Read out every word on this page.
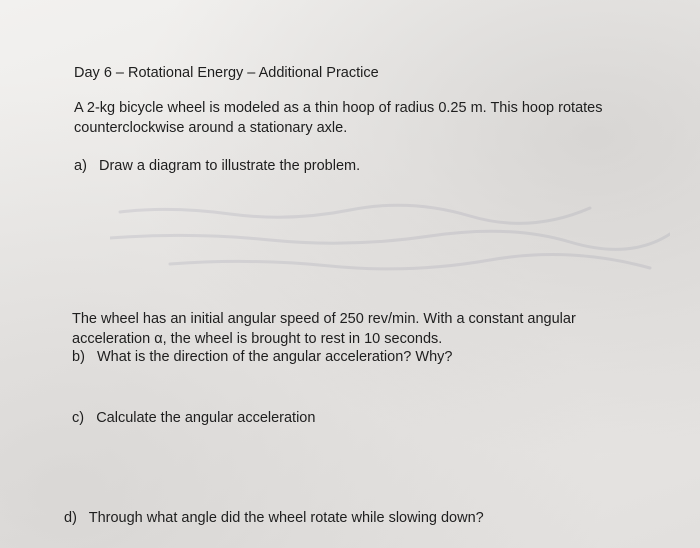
Day 6 – Rotational Energy – Additional Practice
A 2-kg bicycle wheel is modeled as a thin hoop of radius 0.25 m. This hoop rotates
counterclockwise around a stationary axle.
a) Draw a diagram to illustrate the problem.
The wheel has an initial angular speed of 250 rev/min. With a constant angular
acceleration α, the wheel is brought to rest in 10 seconds.
b) What is the direction of the angular acceleration? Why?
c) Calculate the angular acceleration
d) Through what angle did the wheel rotate while slowing down?
